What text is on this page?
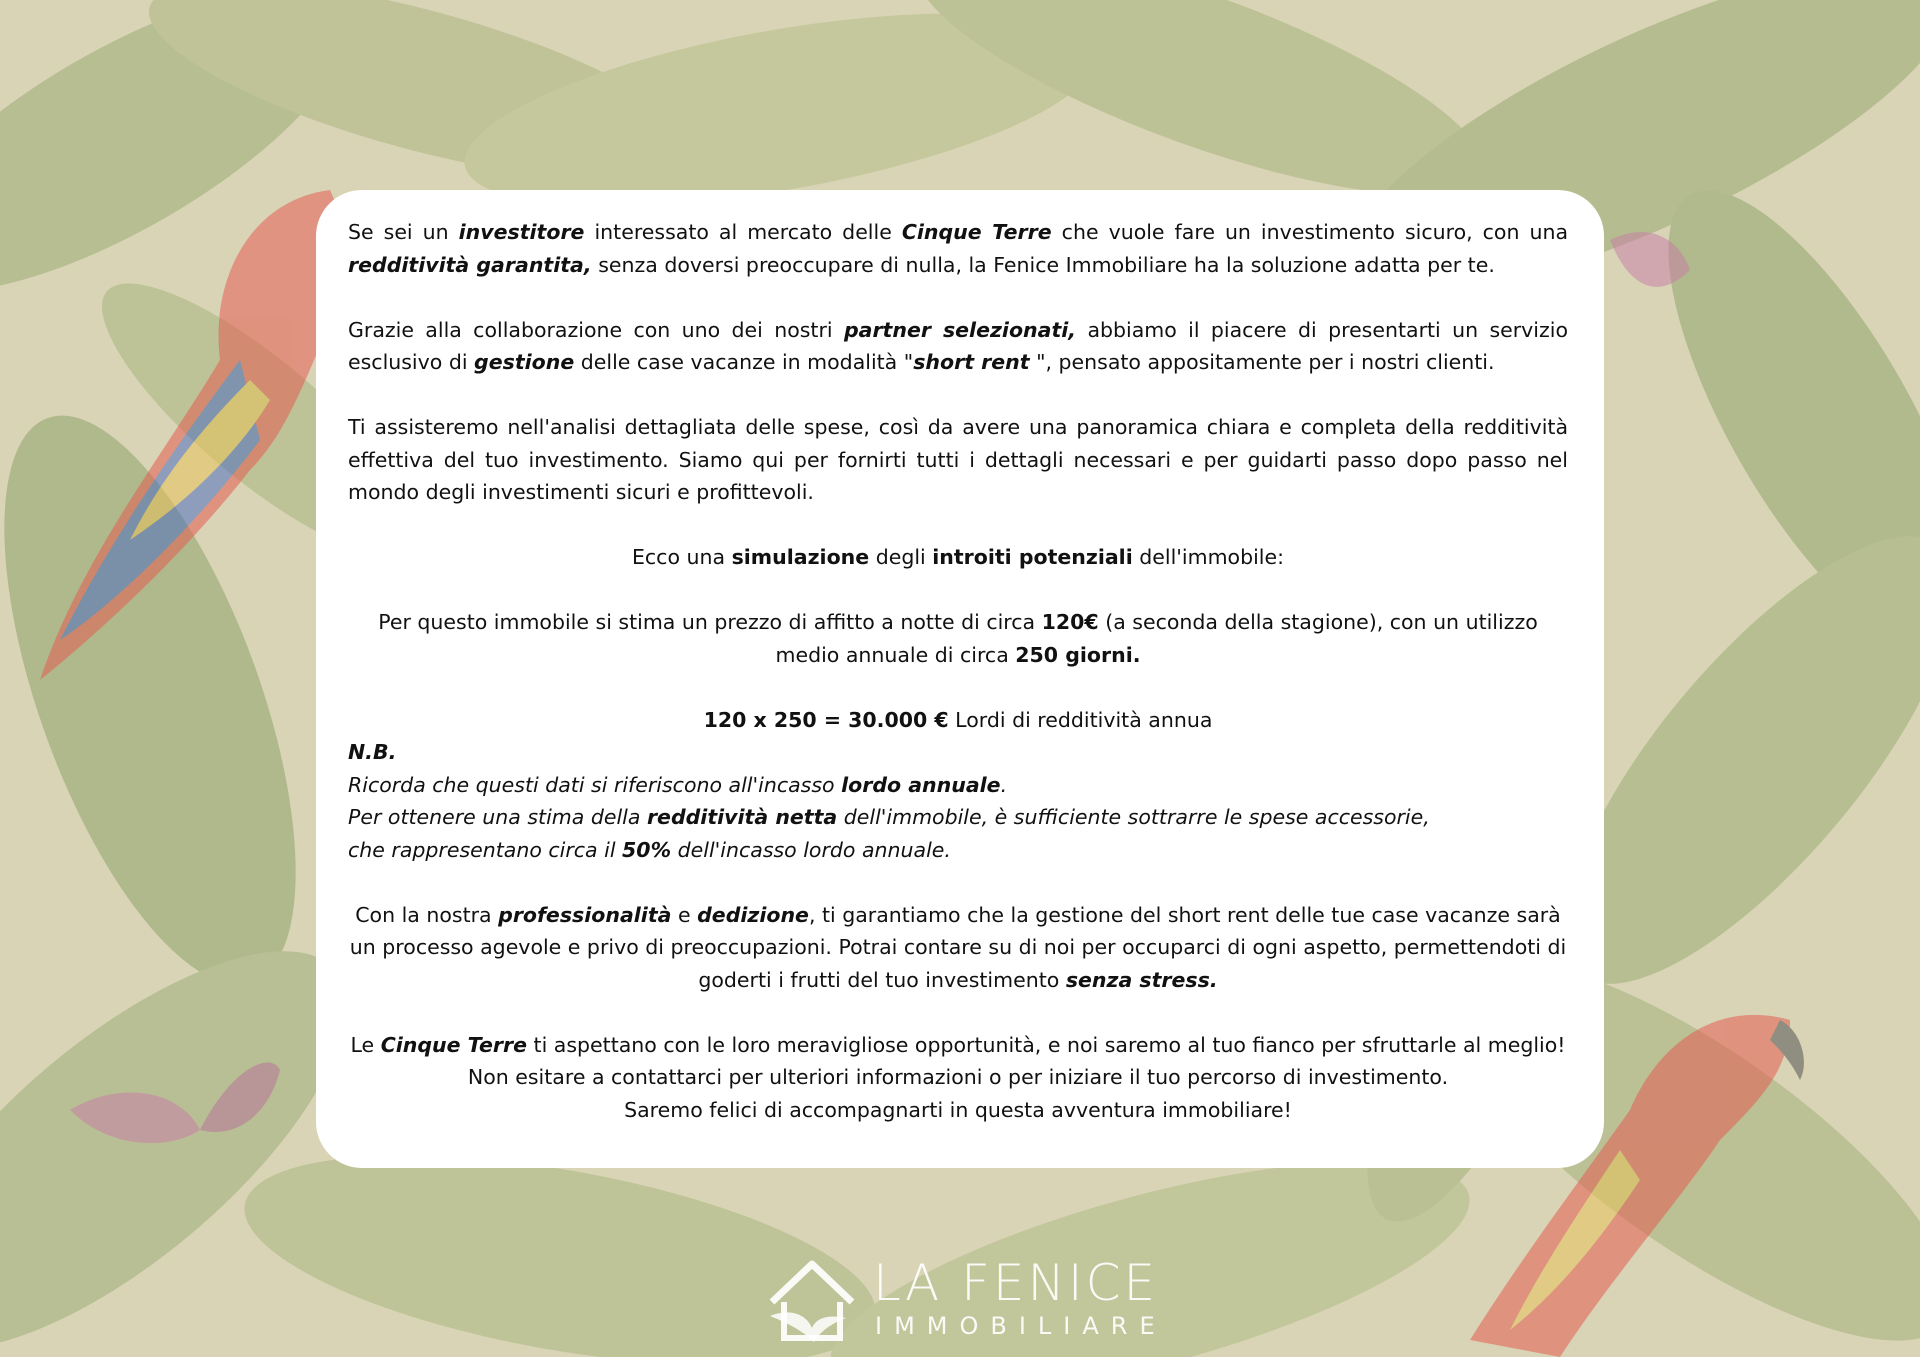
Se sei un investitore interessato al mercato delle Cinque Terre che vuole fare un investimento sicuro, con una redditività garantita, senza doversi preoccupare di nulla, la Fenice Immobiliare ha la soluzione adatta per te.

Grazie alla collaborazione con uno dei nostri partner selezionati, abbiamo il piacere di presentarti un servizio esclusivo di gestione delle case vacanze in modalità "short rent ", pensato appositamente per i nostri clienti.

Ti assisteremo nell'analisi dettagliata delle spese, così da avere una panoramica chiara e completa della redditività effettiva del tuo investimento. Siamo qui per fornirti tutti i dettagli necessari e per guidarti passo dopo passo nel mondo degli investimenti sicuri e profittevoli.

Ecco una simulazione degli introiti potenziali dell'immobile:

Per questo immobile si stima un prezzo di affitto a notte di circa 120€ (a seconda della stagione), con un utilizzo medio annuale di circa 250 giorni.

120 x 250 = 30.000 € Lordi di redditività annua

N.B.

Ricorda che questi dati si riferiscono all'incasso lordo annuale.

Per ottenere una stima della redditività netta dell'immobile, è sufficiente sottrarre le spese accessorie, che rappresentano circa il 50% dell'incasso lordo annuale.

Con la nostra professionalità e dedizione, ti garantiamo che la gestione del short rent delle tue case vacanze sarà un processo agevole e privo di preoccupazioni. Potrai contare su di noi per occuparci di ogni aspetto, permettendoti di goderti i frutti del tuo investimento senza stress.

Le Cinque Terre ti aspettano con le loro meravigliose opportunità, e noi saremo al tuo fianco per sfruttarle al meglio!

Non esitare a contattarci per ulteriori informazioni o per iniziare il tuo percorso di investimento.

Saremo felici di accompagnarti in questa avventura immobiliare!

LA FENICE
IMMOBILIARE
